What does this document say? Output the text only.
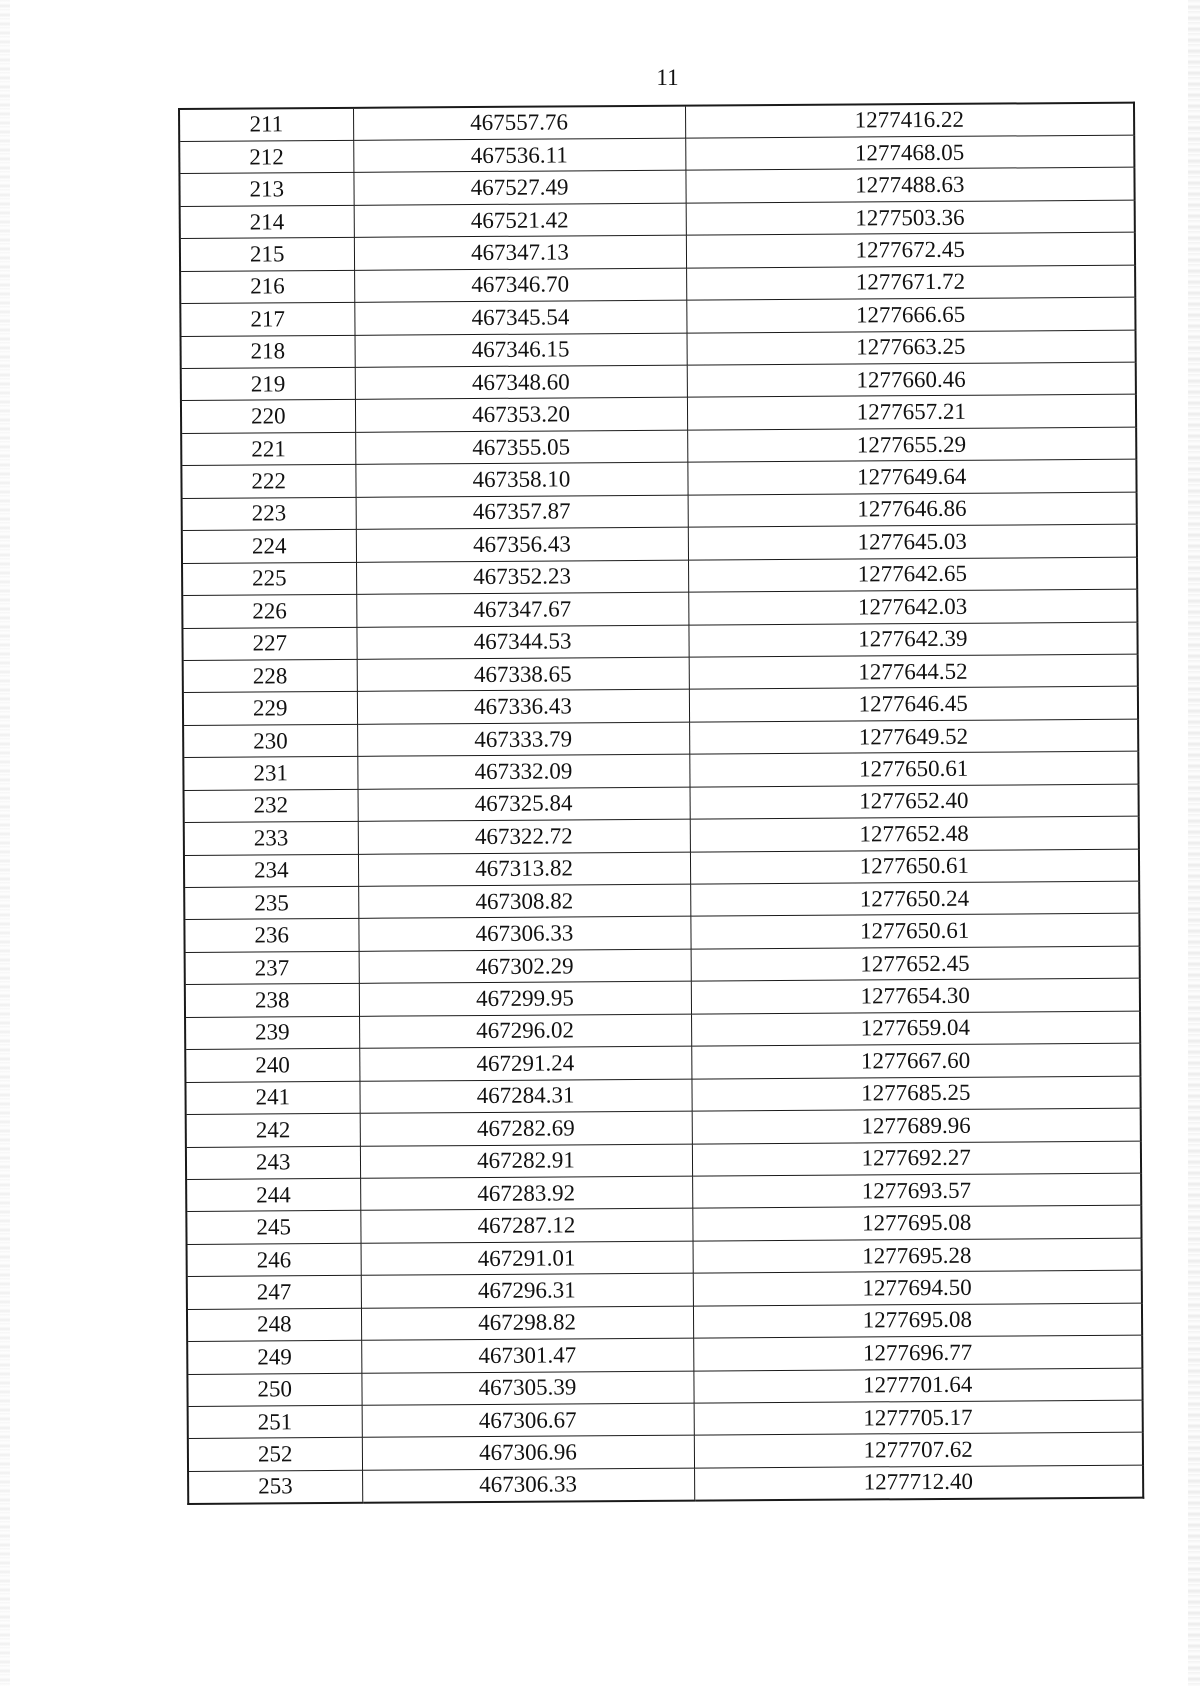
11
211	467557.76	1277416.22
212	467536.11	1277468.05
213	467527.49	1277488.63
214	467521.42	1277503.36
215	467347.13	1277672.45
216	467346.70	1277671.72
217	467345.54	1277666.65
218	467346.15	1277663.25
219	467348.60	1277660.46
220	467353.20	1277657.21
221	467355.05	1277655.29
222	467358.10	1277649.64
223	467357.87	1277646.86
224	467356.43	1277645.03
225	467352.23	1277642.65
226	467347.67	1277642.03
227	467344.53	1277642.39
228	467338.65	1277644.52
229	467336.43	1277646.45
230	467333.79	1277649.52
231	467332.09	1277650.61
232	467325.84	1277652.40
233	467322.72	1277652.48
234	467313.82	1277650.61
235	467308.82	1277650.24
236	467306.33	1277650.61
237	467302.29	1277652.45
238	467299.95	1277654.30
239	467296.02	1277659.04
240	467291.24	1277667.60
241	467284.31	1277685.25
242	467282.69	1277689.96
243	467282.91	1277692.27
244	467283.92	1277693.57
245	467287.12	1277695.08
246	467291.01	1277695.28
247	467296.31	1277694.50
248	467298.82	1277695.08
249	467301.47	1277696.77
250	467305.39	1277701.64
251	467306.67	1277705.17
252	467306.96	1277707.62
253	467306.33	1277712.40
